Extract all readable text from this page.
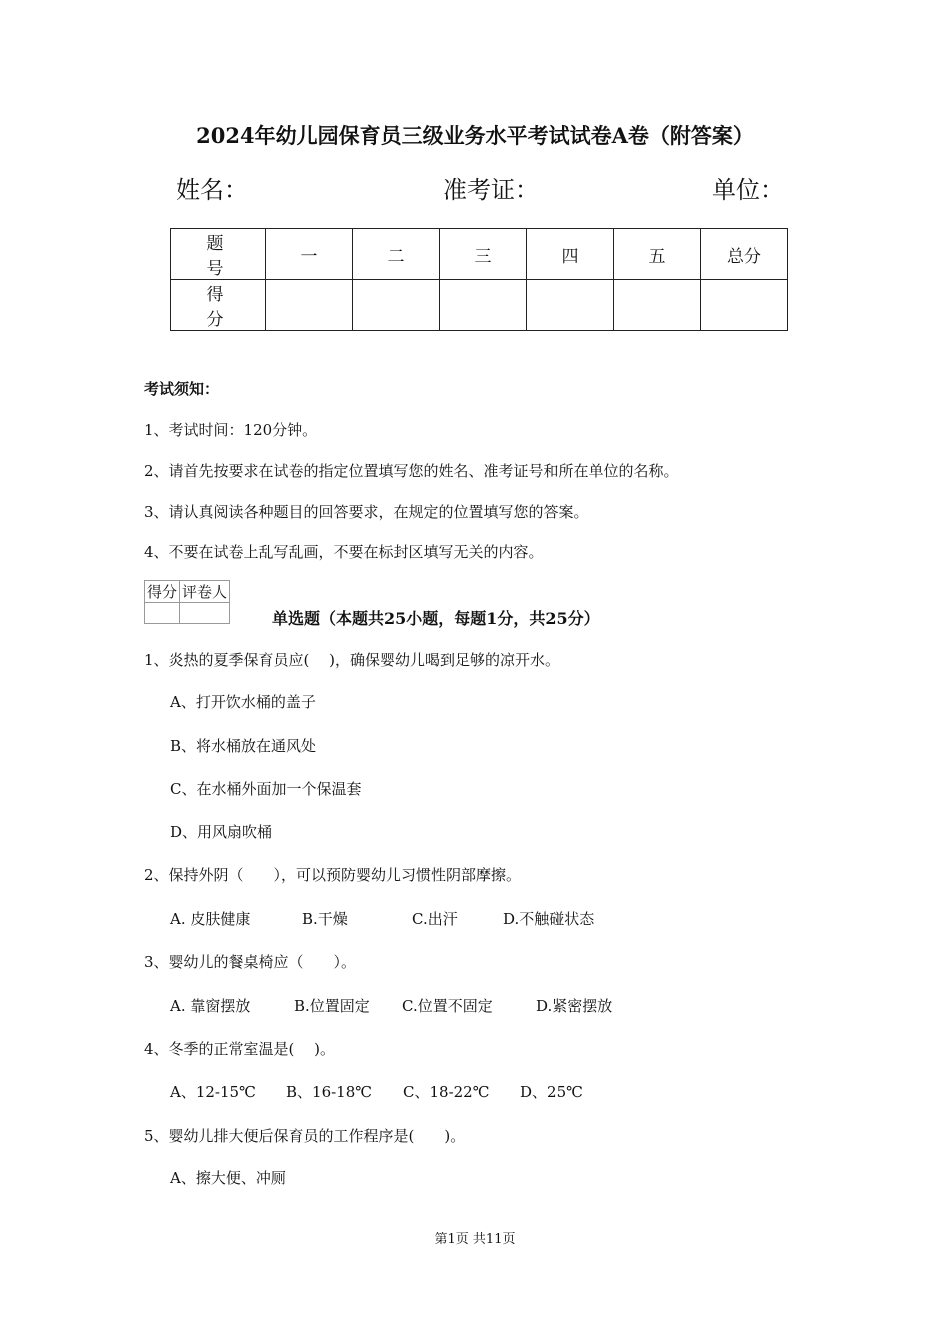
2024年幼儿园保育员三级业务水平考试试卷A卷（附答案）
姓名：	准考证：	单位：
题　号	一	二	三	四	五	总分
得　分						
考试须知：
1、考试时间：120分钟。
2、请首先按要求在试卷的指定位置填写您的姓名、准考证号和所在单位的名称。
3、请认真阅读各种题目的回答要求，在规定的位置填写您的答案。
4、不要在试卷上乱写乱画，不要在标封区填写无关的内容。
得分	评卷人

单选题（本题共25小题，每题1分，共25分）
1、炎热的夏季保育员应(　 )，确保婴幼儿喝到足够的凉开水。
A、打开饮水桶的盖子
B、将水桶放在通风处
C、在水桶外面加一个保温套
D、用风扇吹桶
2、保持外阴（　　），可以预防婴幼儿习惯性阴部摩擦。
A. 皮肤健康	B.干燥	C.出汗	D.不触碰状态
3、婴幼儿的餐桌椅应（　　）。
A. 靠窗摆放	B.位置固定 C.位置不固定	D.紧密摆放
4、冬季的正常室温是(　 )。
A、12-15℃ B、16-18℃ C、18-22℃ D、25℃
5、婴幼儿排大便后保育员的工作程序是(　　)。
A、擦大便、冲厕
第1页 共11页
